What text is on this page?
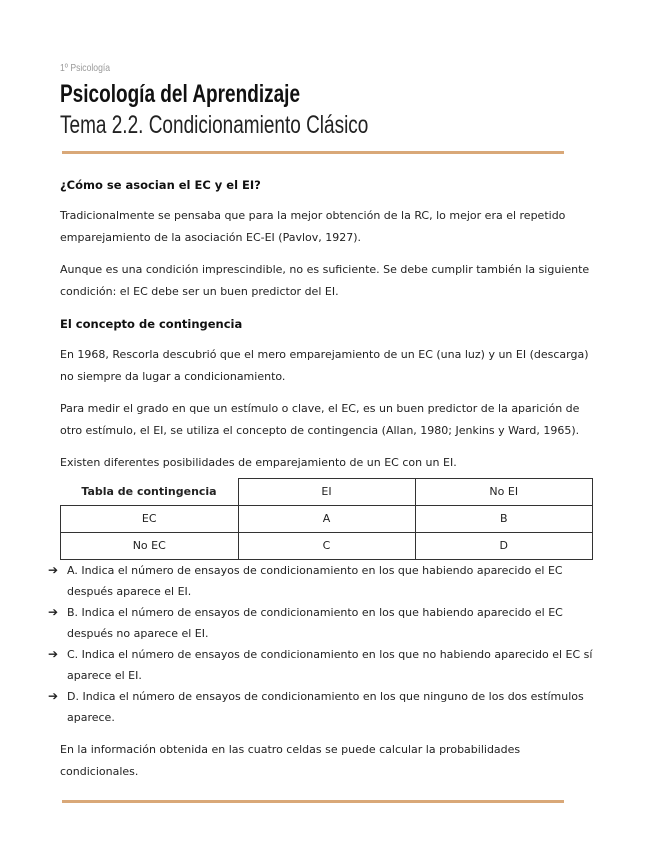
1º Psicología
Psicología del Aprendizaje
Tema 2.2. Condicionamiento Clásico
¿Cómo se asocian el EC y el EI?

Tradicionalmente se pensaba que para la mejor obtención de la RC, lo mejor era el repetido emparejamiento de la asociación EC-EI (Pavlov, 1927).

Aunque es una condición imprescindible, no es suficiente. Se debe cumplir también la siguiente condición: el EC debe ser un buen predictor del EI.

El concepto de contingencia

En 1968, Rescorla descubrió que el mero emparejamiento de un EC (una luz) y un EI (descarga) no siempre da lugar a condicionamiento.

Para medir el grado en que un estímulo o clave, el EC, es un buen predictor de la aparición de otro estímulo, el EI, se utiliza el concepto de contingencia (Allan, 1980; Jenkins y Ward, 1965).

Existen diferentes posibilidades de emparejamiento de un EC con un EI.

Tabla de contingencia	EI	No EI
EC	A	B
No EC	C	D
➔ A. Indica el número de ensayos de condicionamiento en los que habiendo aparecido el EC después aparece el EI.
➔ B. Indica el número de ensayos de condicionamiento en los que habiendo aparecido el EC después no aparece el EI.
➔ C. Indica el número de ensayos de condicionamiento en los que no habiendo aparecido el EC sí aparece el EI.
➔ D. Indica el número de ensayos de condicionamiento en los que ninguno de los dos estímulos aparece.

En la información obtenida en las cuatro celdas se puede calcular la probabilidades condicionales.
